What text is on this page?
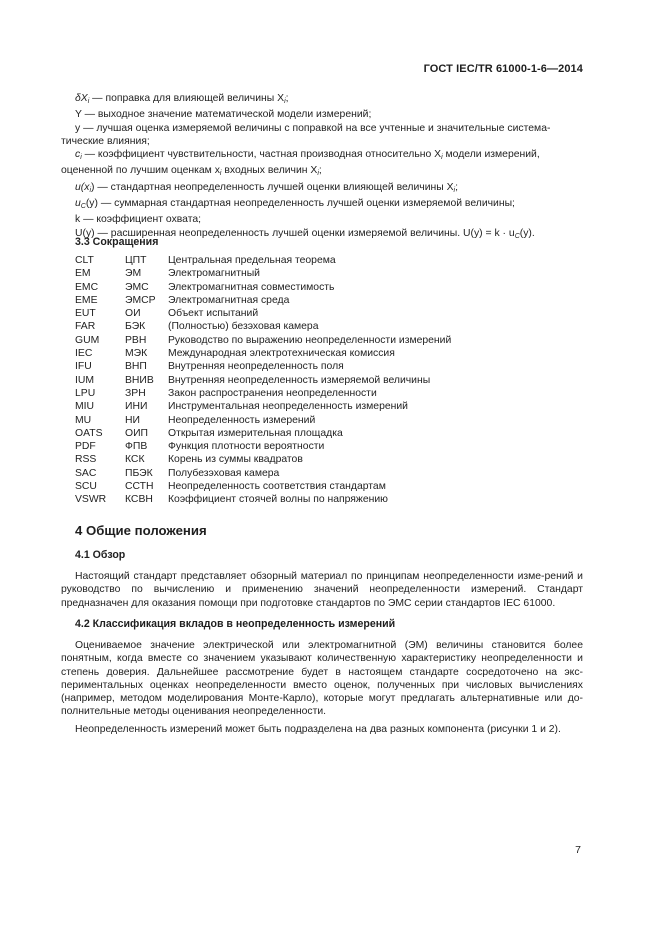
ГОСТ IEC/TR 61000-1-6—2014

$\delta X_i$ — поправка для влияющей величины $X_i$;

Y — выходное значение математической модели измерений;

y — лучшая оценка измеряемой величины с поправкой на все учтенные и значительные система-

тические влияния;

$c_i$ — коэффициент чувствительности, частная производная относительно $X_i$ модели измерений,

оцененной по лучшим оценкам $x_i$ входных величин $X_i$;

$u(x_i)$ — стандартная неопределенность лучшей оценки влияющей величины $X_i$;

$u_C(y)$ — суммарная стандартная неопределенность лучшей оценки измеряемой величины;

k — коэффициент охвата;

U(y) — расширенная неопределенность лучшей оценки измеряемой величины. $U(y) = k \cdot u_C(y)$.

3.3 Сокращения
CLT	ЦПТ	Центральная предельная теорема
EM	ЭМ	Электромагнитный
EMC	ЭМС	Электромагнитная совместимость
EME	ЭМСР	Электромагнитная среда
EUT	ОИ	Объект испытаний
FAR	БЭК	(Полностью) безэховая камера
GUM	РВН	Руководство по выражению неопределенности измерений
IEC	МЭК	Международная электротехническая комиссия
IFU	ВНП	Внутренняя неопределенность поля
IUM	ВНИВ	Внутренняя неопределенность измеряемой величины
LPU	ЗРН	Закон распространения неопределенности
MIU	ИНИ	Инструментальная неопределенность измерений
MU	НИ	Неопределенность измерений
OATS	ОИП	Открытая измерительная площадка
PDF	ФПВ	Функция плотности вероятности
RSS	КСК	Корень из суммы квадратов
SAC	ПБЭК	Полубезэховая камера
SCU	ССТН	Неопределенность соответствия стандартам
VSWR	КСВН	Коэффициент стоячей волны по напряжению
4 Общие положения
4.1 Обзор

Настоящий стандарт представляет обзорный материал по принципам неопределенности изме-рений и руководство по вычислению и применению значений неопределенности измерений. Стандарт предназначен для оказания помощи при подготовке стандартов по ЭМС серии стандартов IEC 61000.

4.2 Классификация вкладов в неопределенность измерений

Оцениваемое значение электрической или электромагнитной (ЭМ) величины становится более понятным, когда вместе со значением указывают количественную характеристику неопределенности и степень доверия. Дальнейшее рассмотрение будет в настоящем стандарте сосредоточено на экс-периментальных оценках неопределенности вместо оценок, полученных при числовых вычислениях (например, методом моделирования Монте-Карло), которые могут предлагать альтернативные или до-полнительные методы оценивания неопределенности.

Неопределенность измерений может быть подразделена на два разных компонента (рисунки 1 и 2).

7
